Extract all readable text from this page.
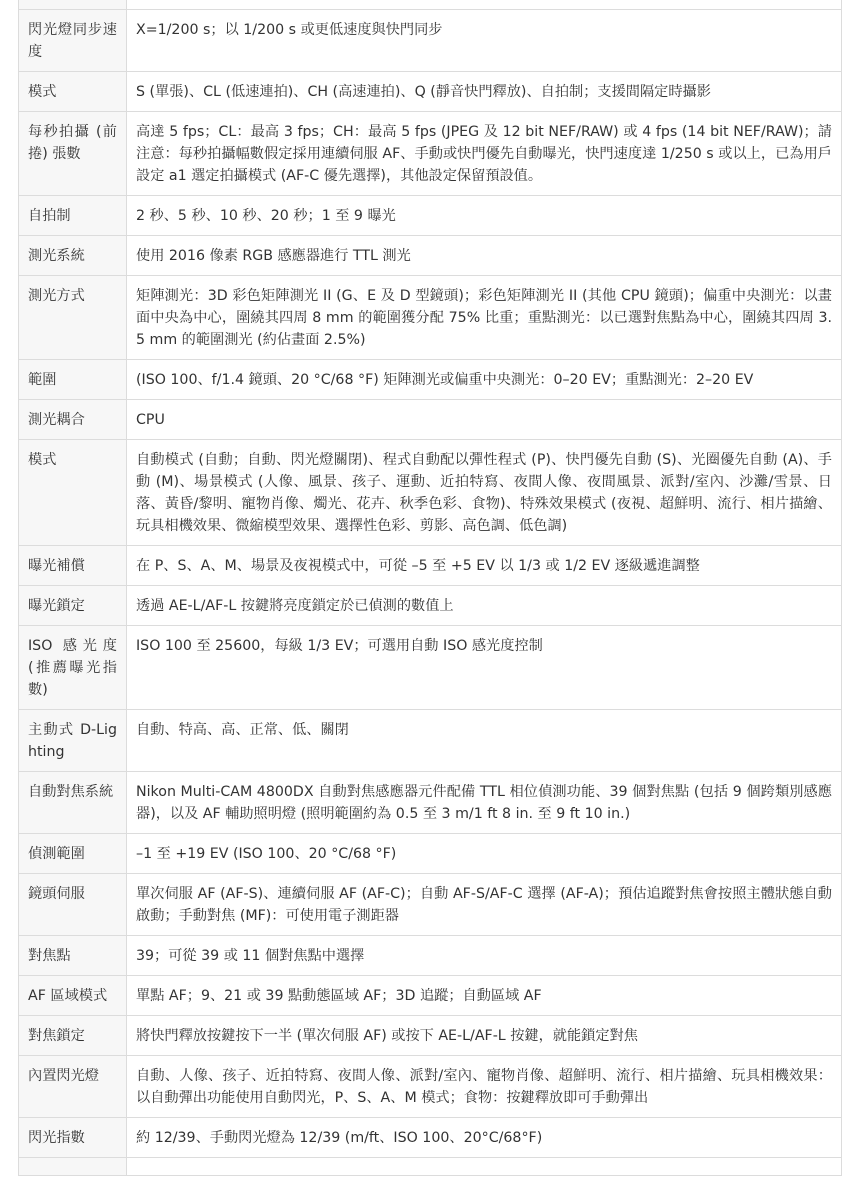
閃光燈同步速度	X=1/200 s；以 1/200 s 或更低速度與快門同步
模式	S (單張)、CL (低速連拍)、CH (高速連拍)、Q (靜音快門釋放)、自拍制；支援間隔定時攝影
每秒拍攝 (前捲) 張數	高達 5 fps；CL：最高 3 fps；CH：最高 5 fps (JPEG 及 12 bit NEF/RAW) 或 4 fps (14 bit NEF/RAW)；請注意：每秒拍攝幅數假定採用連續伺服 AF、手動或快門優先自動曝光，快門速度達 1/250 s 或以上，已為用戶設定 a1 選定拍攝模式 (AF-C 優先選擇)，其他設定保留預設值。
自拍制	2 秒、5 秒、10 秒、20 秒；1 至 9 曝光
測光系統	使用 2016 像素 RGB 感應器進行 TTL 測光
測光方式	矩陣測光：3D 彩色矩陣測光 II (G、E 及 D 型鏡頭)；彩色矩陣測光 II (其他 CPU 鏡頭)；偏重中央測光：以畫面中央為中心，圍繞其四周 8 mm 的範圍獲分配 75% 比重；重點測光：以已選對焦點為中心，圍繞其四周 3.5 mm 的範圍測光 (約佔畫面 2.5%)
範圍	(ISO 100、f/1.4 鏡頭、20 °C/68 °F) 矩陣測光或偏重中央測光：0–20 EV；重點測光：2–20 EV
測光耦合	CPU
模式	自動模式 (自動；自動、閃光燈關閉)、程式自動配以彈性程式 (P)、快門優先自動 (S)、光圈優先自動 (A)、手動 (M)、場景模式 (人像、風景、孩子、運動、近拍特寫、夜間人像、夜間風景、派對/室內、沙灘/雪景、日落、黃昏/黎明、寵物肖像、燭光、花卉、秋季色彩、食物)、特殊效果模式 (夜視、超鮮明、流行、相片描繪、玩具相機效果、微縮模型效果、選擇性色彩、剪影、高色調、低色調)
曝光補償	在 P、S、A、M、場景及夜視模式中，可從 –5 至 +5 EV 以 1/3 或 1/2 EV 逐級遞進調整
曝光鎖定	透過 AE-L/AF-L 按鍵將亮度鎖定於已偵測的數值上
ISO 感光度 (推薦曝光指數)	ISO 100 至 25600，每級 1/3 EV；可選用自動 ISO 感光度控制
主動式 D-Lighting	自動、特高、高、正常、低、關閉
自動對焦系統	Nikon Multi-CAM 4800DX 自動對焦感應器元件配備 TTL 相位偵測功能、39 個對焦點 (包括 9 個跨類別感應器)，以及 AF 輔助照明燈 (照明範圍約為 0.5 至 3 m/1 ft 8 in. 至 9 ft 10 in.)
偵測範圍	–1 至 +19 EV (ISO 100、20 °C/68 °F)
鏡頭伺服	單次伺服 AF (AF-S)、連續伺服 AF (AF-C)；自動 AF-S/AF-C 選擇 (AF-A)；預估追蹤對焦會按照主體狀態自動啟動；手動對焦 (MF)：可使用電子測距器
對焦點	39；可從 39 或 11 個對焦點中選擇
AF 區域模式	單點 AF；9、21 或 39 點動態區域 AF；3D 追蹤；自動區域 AF
對焦鎖定	將快門釋放按鍵按下一半 (單次伺服 AF) 或按下 AE-L/AF-L 按鍵，就能鎖定對焦
內置閃光燈	自動、人像、孩子、近拍特寫、夜間人像、派對/室內、寵物肖像、超鮮明、流行、相片描繪、玩具相機效果：以自動彈出功能使用自動閃光，P、S、A、M 模式；食物：按鍵釋放即可手動彈出
閃光指數	約 12/39、手動閃光燈為 12/39 (m/ft、ISO 100、20°C/68°F)
